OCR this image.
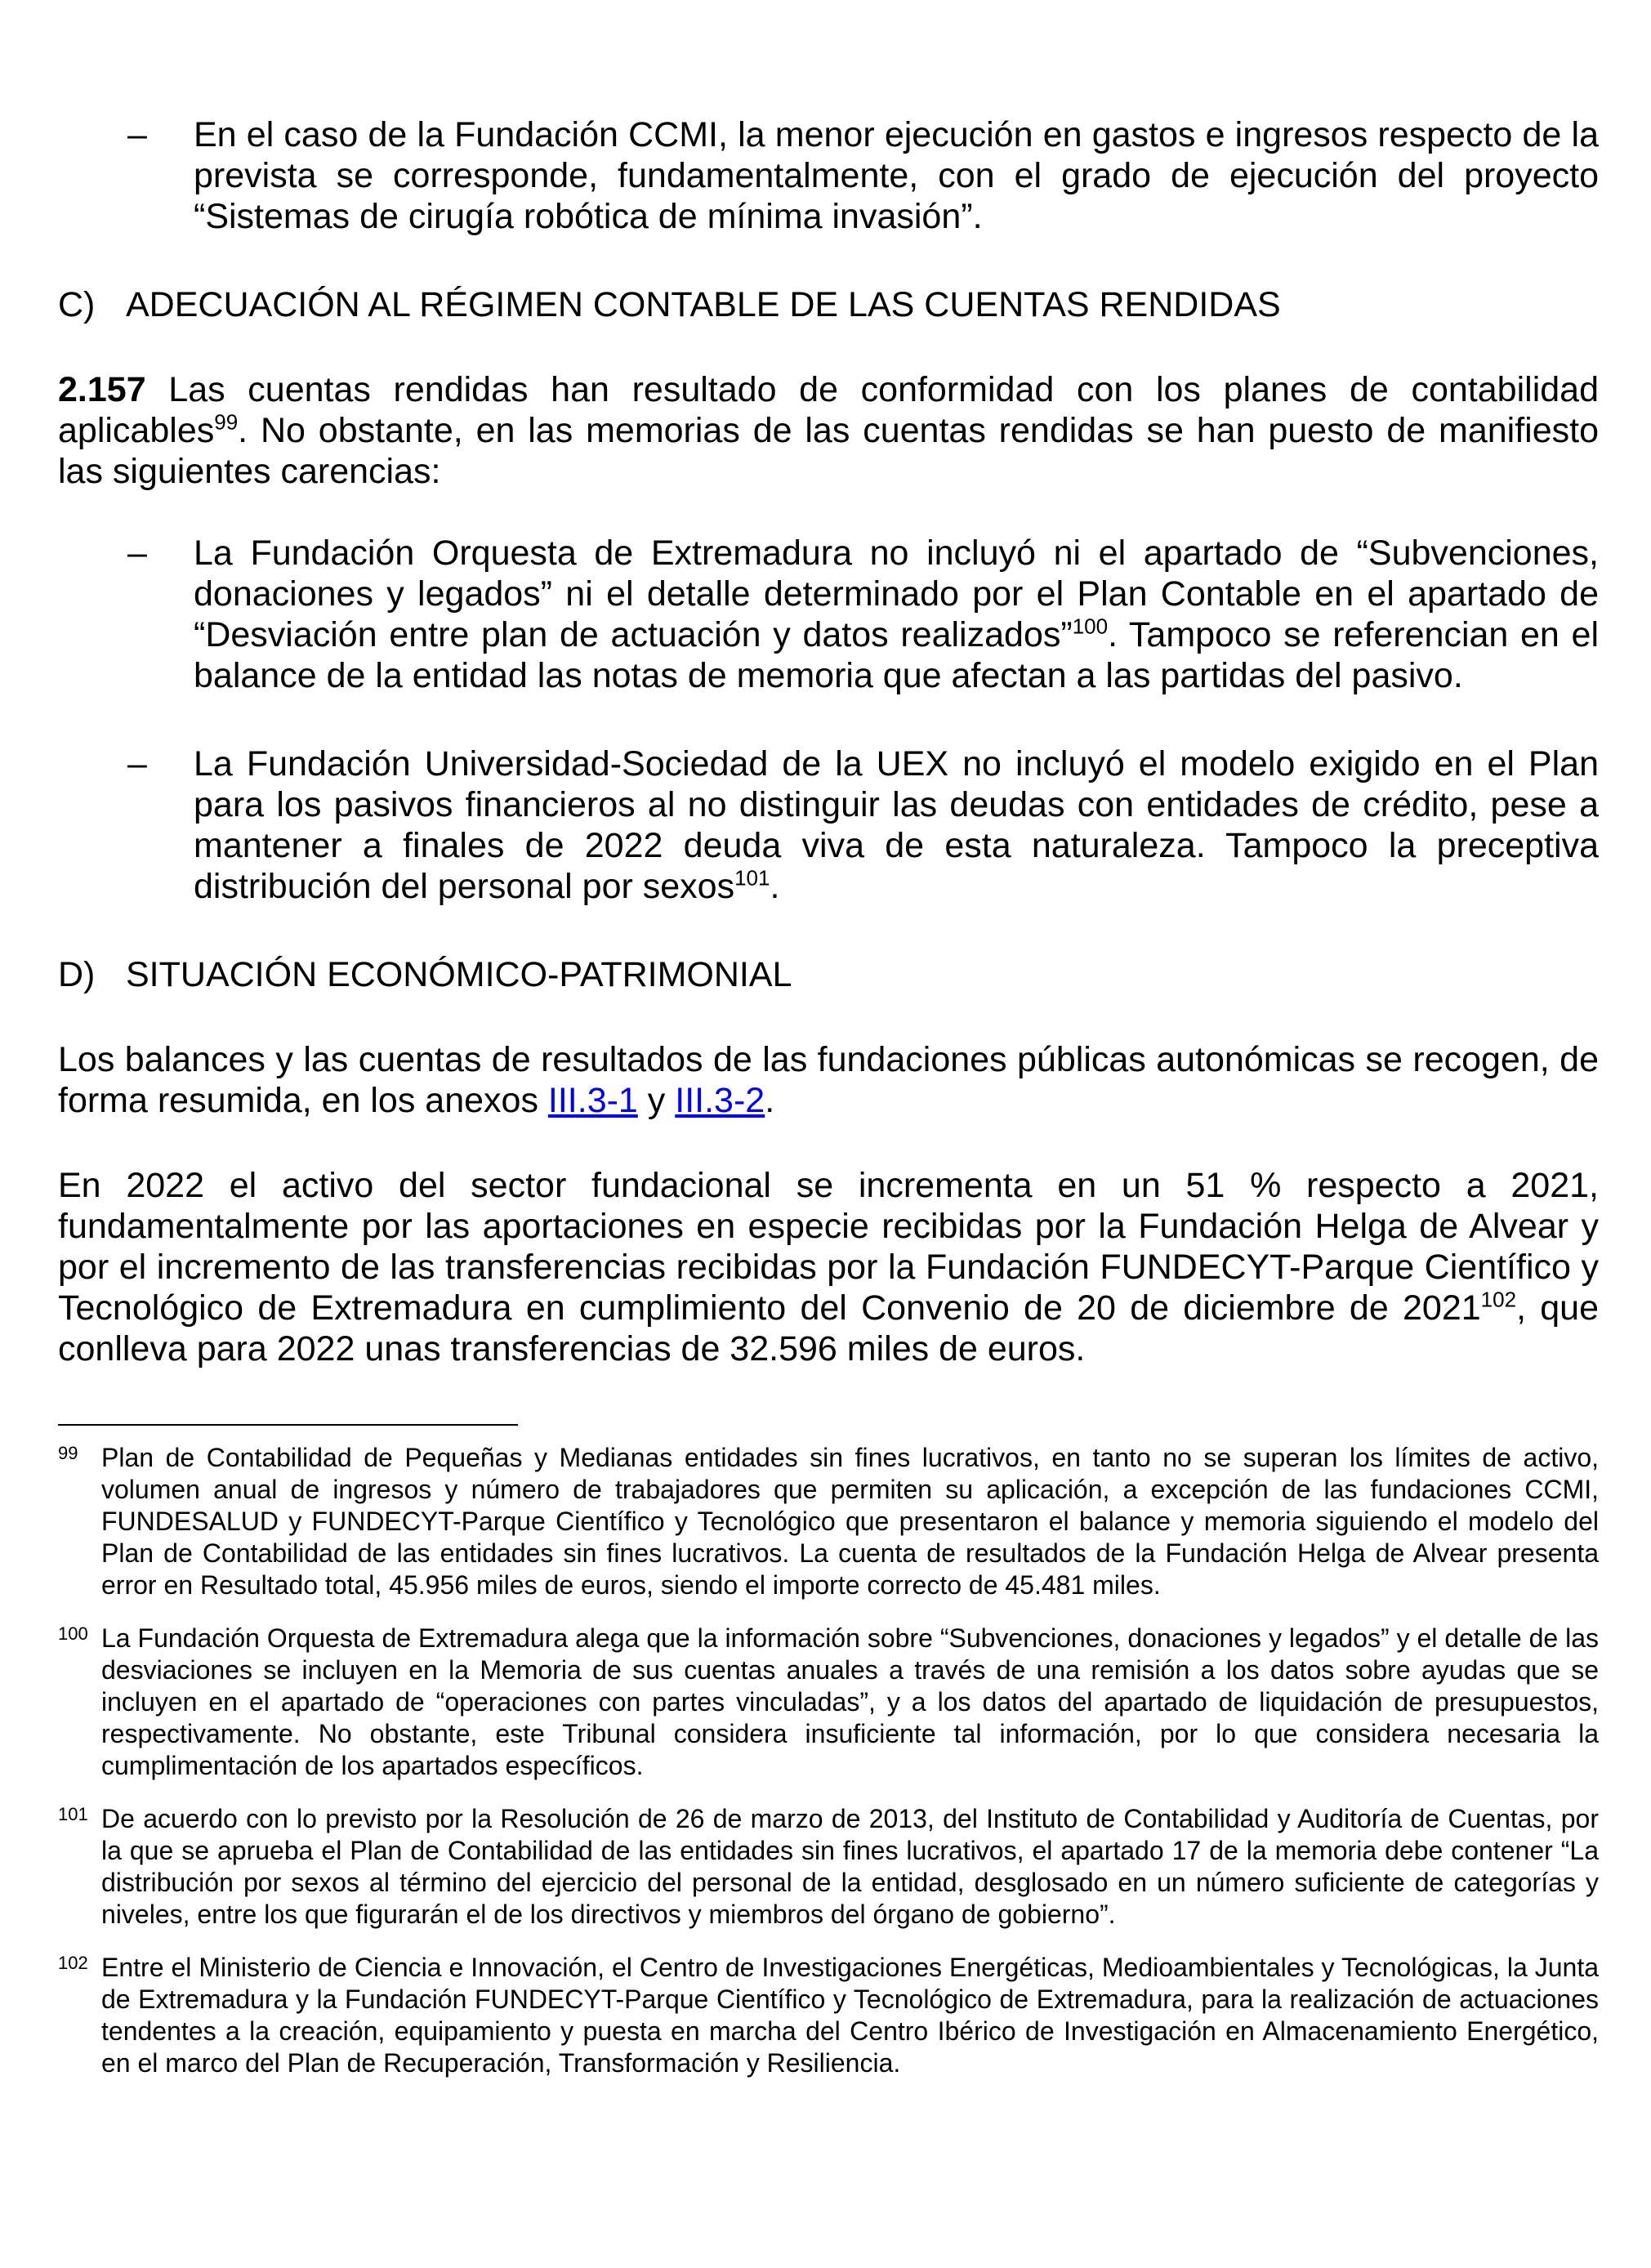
– En el caso de la Fundación CCMI, la menor ejecución en gastos e ingresos respecto de la prevista se corresponde, fundamentalmente, con el grado de ejecución del proyecto “Sistemas de cirugía robótica de mínima invasión”.

C) ADECUACIÓN AL RÉGIMEN CONTABLE DE LAS CUENTAS RENDIDAS

2.157 Las cuentas rendidas han resultado de conformidad con los planes de contabilidad aplicables$^{99}$. No obstante, en las memorias de las cuentas rendidas se han puesto de manifiesto las siguientes carencias:

– La Fundación Orquesta de Extremadura no incluyó ni el apartado de “Subvenciones, donaciones y legados” ni el detalle determinado por el Plan Contable en el apartado de “Desviación entre plan de actuación y datos realizados”$^{100}$. Tampoco se referencian en el balance de la entidad las notas de memoria que afectan a las partidas del pasivo.

– La Fundación Universidad-Sociedad de la UEX no incluyó el modelo exigido en el Plan para los pasivos financieros al no distinguir las deudas con entidades de crédito, pese a mantener a finales de 2022 deuda viva de esta naturaleza. Tampoco la preceptiva distribución del personal por sexos$^{101}$.

D) SITUACIÓN ECONÓMICO-PATRIMONIAL

Los balances y las cuentas de resultados de las fundaciones públicas autonómicas se recogen, de forma resumida, en los anexos III.3-1 y III.3-2.

En 2022 el activo del sector fundacional se incrementa en un 51 % respecto a 2021, fundamentalmente por las aportaciones en especie recibidas por la Fundación Helga de Alvear y por el incremento de las transferencias recibidas por la Fundación FUNDECYT-Parque Científico y Tecnológico de Extremadura en cumplimiento del Convenio de 20 de diciembre de 2021$^{102}$, que conlleva para 2022 unas transferencias de 32.596 miles de euros.

99 Plan de Contabilidad de Pequeñas y Medianas entidades sin fines lucrativos, en tanto no se superan los límites de activo, volumen anual de ingresos y número de trabajadores que permiten su aplicación, a excepción de las fundaciones CCMI, FUNDESALUD y FUNDECYT-Parque Científico y Tecnológico que presentaron el balance y memoria siguiendo el modelo del Plan de Contabilidad de las entidades sin fines lucrativos. La cuenta de resultados de la Fundación Helga de Alvear presenta error en Resultado total, 45.956 miles de euros, siendo el importe correcto de 45.481 miles.

100 La Fundación Orquesta de Extremadura alega que la información sobre “Subvenciones, donaciones y legados” y el detalle de las desviaciones se incluyen en la Memoria de sus cuentas anuales a través de una remisión a los datos sobre ayudas que se incluyen en el apartado de “operaciones con partes vinculadas”, y a los datos del apartado de liquidación de presupuestos, respectivamente. No obstante, este Tribunal considera insuficiente tal información, por lo que considera necesaria la cumplimentación de los apartados específicos.

101 De acuerdo con lo previsto por la Resolución de 26 de marzo de 2013, del Instituto de Contabilidad y Auditoría de Cuentas, por la que se aprueba el Plan de Contabilidad de las entidades sin fines lucrativos, el apartado 17 de la memoria debe contener “La distribución por sexos al término del ejercicio del personal de la entidad, desglosado en un número suficiente de categorías y niveles, entre los que figurarán el de los directivos y miembros del órgano de gobierno”.

102 Entre el Ministerio de Ciencia e Innovación, el Centro de Investigaciones Energéticas, Medioambientales y Tecnológicas, la Junta de Extremadura y la Fundación FUNDECYT-Parque Científico y Tecnológico de Extremadura, para la realización de actuaciones tendentes a la creación, equipamiento y puesta en marcha del Centro Ibérico de Investigación en Almacenamiento Energético, en el marco del Plan de Recuperación, Transformación y Resiliencia.
